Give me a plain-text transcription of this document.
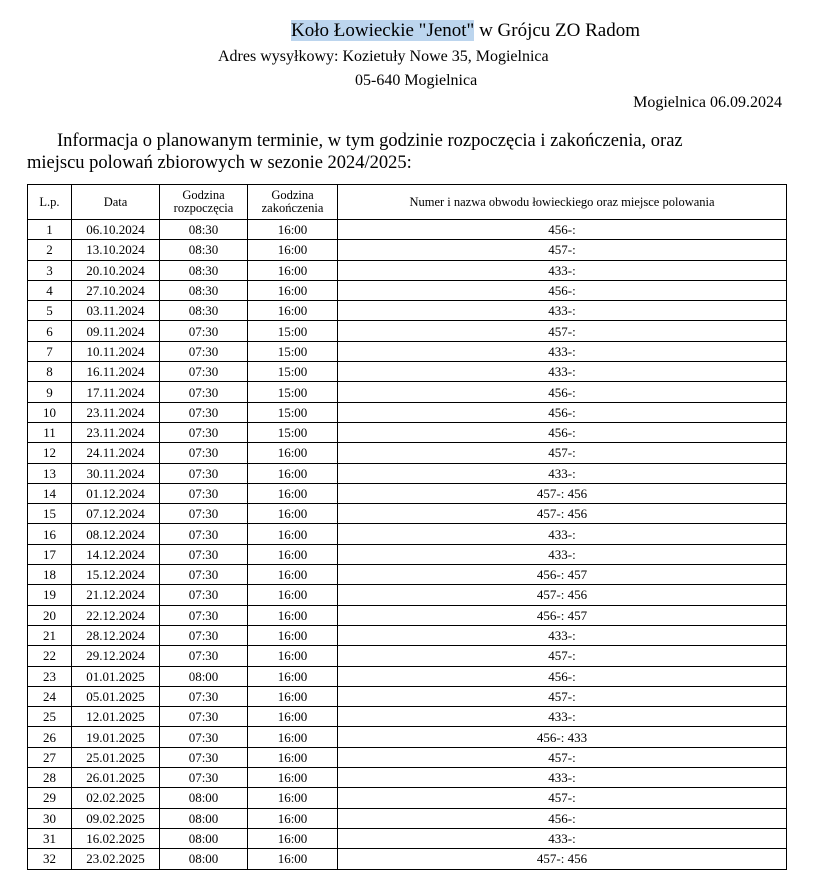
Koło Łowieckie "Jenot" w Grójcu ZO Radom
Adres wysyłkowy: Kozietuły Nowe 35, Mogielnica
05-640 Mogielnica
Mogielnica 06.09.2024
Informacja o planowanym terminie, w tym godzinie rozpoczęcia i zakończenia, oraz
miejscu polowań zbiorowych w sezonie 2024/2025:
L.p.	Data	Godzina rozpoczęcia	Godzina zakończenia	Numer i nazwa obwodu łowieckiego oraz miejsce polowania
1	06.10.2024	08:30	16:00	456-:
2	13.10.2024	08:30	16:00	457-:
3	20.10.2024	08:30	16:00	433-:
4	27.10.2024	08:30	16:00	456-:
5	03.11.2024	08:30	16:00	433-:
6	09.11.2024	07:30	15:00	457-:
7	10.11.2024	07:30	15:00	433-:
8	16.11.2024	07:30	15:00	433-:
9	17.11.2024	07:30	15:00	456-:
10	23.11.2024	07:30	15:00	456-:
11	23.11.2024	07:30	15:00	456-:
12	24.11.2024	07:30	16:00	457-:
13	30.11.2024	07:30	16:00	433-:
14	01.12.2024	07:30	16:00	457-: 456
15	07.12.2024	07:30	16:00	457-: 456
16	08.12.2024	07:30	16:00	433-:
17	14.12.2024	07:30	16:00	433-:
18	15.12.2024	07:30	16:00	456-: 457
19	21.12.2024	07:30	16:00	457-: 456
20	22.12.2024	07:30	16:00	456-: 457
21	28.12.2024	07:30	16:00	433-:
22	29.12.2024	07:30	16:00	457-:
23	01.01.2025	08:00	16:00	456-:
24	05.01.2025	07:30	16:00	457-:
25	12.01.2025	07:30	16:00	433-:
26	19.01.2025	07:30	16:00	456-: 433
27	25.01.2025	07:30	16:00	457-:
28	26.01.2025	07:30	16:00	433-:
29	02.02.2025	08:00	16:00	457-:
30	09.02.2025	08:00	16:00	456-:
31	16.02.2025	08:00	16:00	433-:
32	23.02.2025	08:00	16:00	457-: 456
